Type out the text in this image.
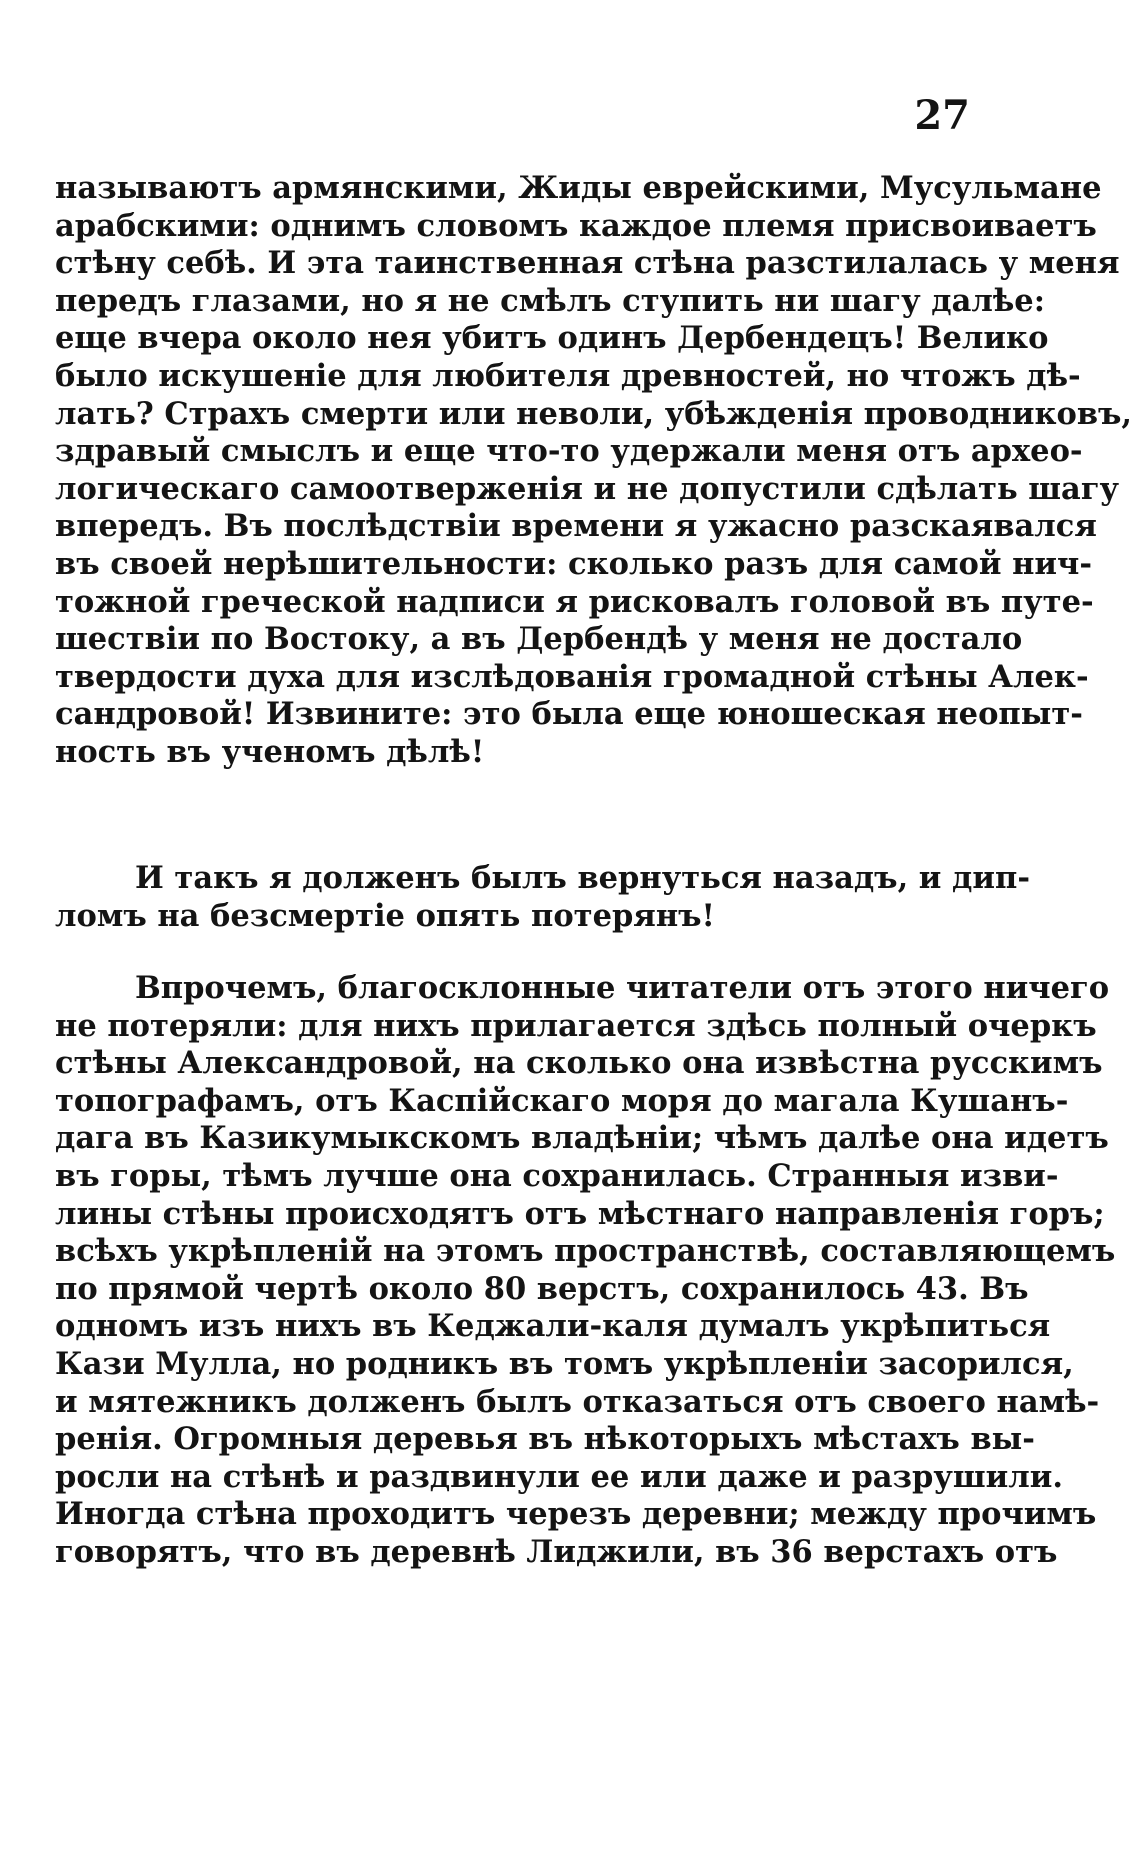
27
называютъ армянскими, Жиды еврейскими, Мусульмане
арабскими: однимъ словомъ каждое племя присвоиваетъ
стѣну себѣ. И эта таинственная стѣна разстилалась у меня
передъ глазами, но я не смѣлъ ступить ни шагу далѣе:
еще вчера около нея убитъ одинъ Дербендецъ! Велико
было искушеніе для любителя древностей, но чтожъ дѣ-
лать? Страхъ смерти или неволи, убѣжденія проводниковъ,
здравый смыслъ и еще что-то удержали меня отъ архео-
логическаго самоотверженія и не допустили сдѣлать шагу
впередъ. Въ послѣдствіи времени я ужасно разскаявался
въ своей нерѣшительности: сколько разъ для самой нич-
тожной греческой надписи я рисковалъ головой въ путе-
шествіи по Востоку, а въ Дербендѣ у меня не достало
твердости духа для изслѣдованія громадной стѣны Алек-
сандровой! Извините: это была еще юношеская неопыт-
ность въ ученомъ дѣлѣ!
И такъ я долженъ былъ вернуться назадъ, и дип-
ломъ на безсмертіе опять потерянъ!
Впрочемъ, благосклонные читатели отъ этого ничего
не потеряли: для нихъ прилагается здѣсь полный очеркъ
стѣны Александровой, на сколько она извѣстна русскимъ
топографамъ, отъ Каспійскаго моря до магала Кушанъ-
дага въ Казикумыкскомъ владѣніи; чѣмъ далѣе она идетъ
въ горы, тѣмъ лучше она сохранилась. Странныя изви-
лины стѣны происходятъ отъ мѣстнаго направленія горъ;
всѣхъ укрѣпленій на этомъ пространствѣ, составляющемъ
по прямой чертѣ около 80 верстъ, сохранилось 43. Въ
одномъ изъ нихъ въ Кеджали-каля думалъ укрѣпиться
Кази Мулла, но родникъ въ томъ укрѣпленіи засорился,
и мятежникъ долженъ былъ отказаться отъ своего намѣ-
ренія. Огромныя деревья въ нѣкоторыхъ мѣстахъ вы-
росли на стѣнѣ и раздвинули ее или даже и разрушили.
Иногда стѣна проходитъ черезъ деревни; между прочимъ
говорятъ, что въ деревнѣ Лиджили, въ 36 верстахъ отъ
